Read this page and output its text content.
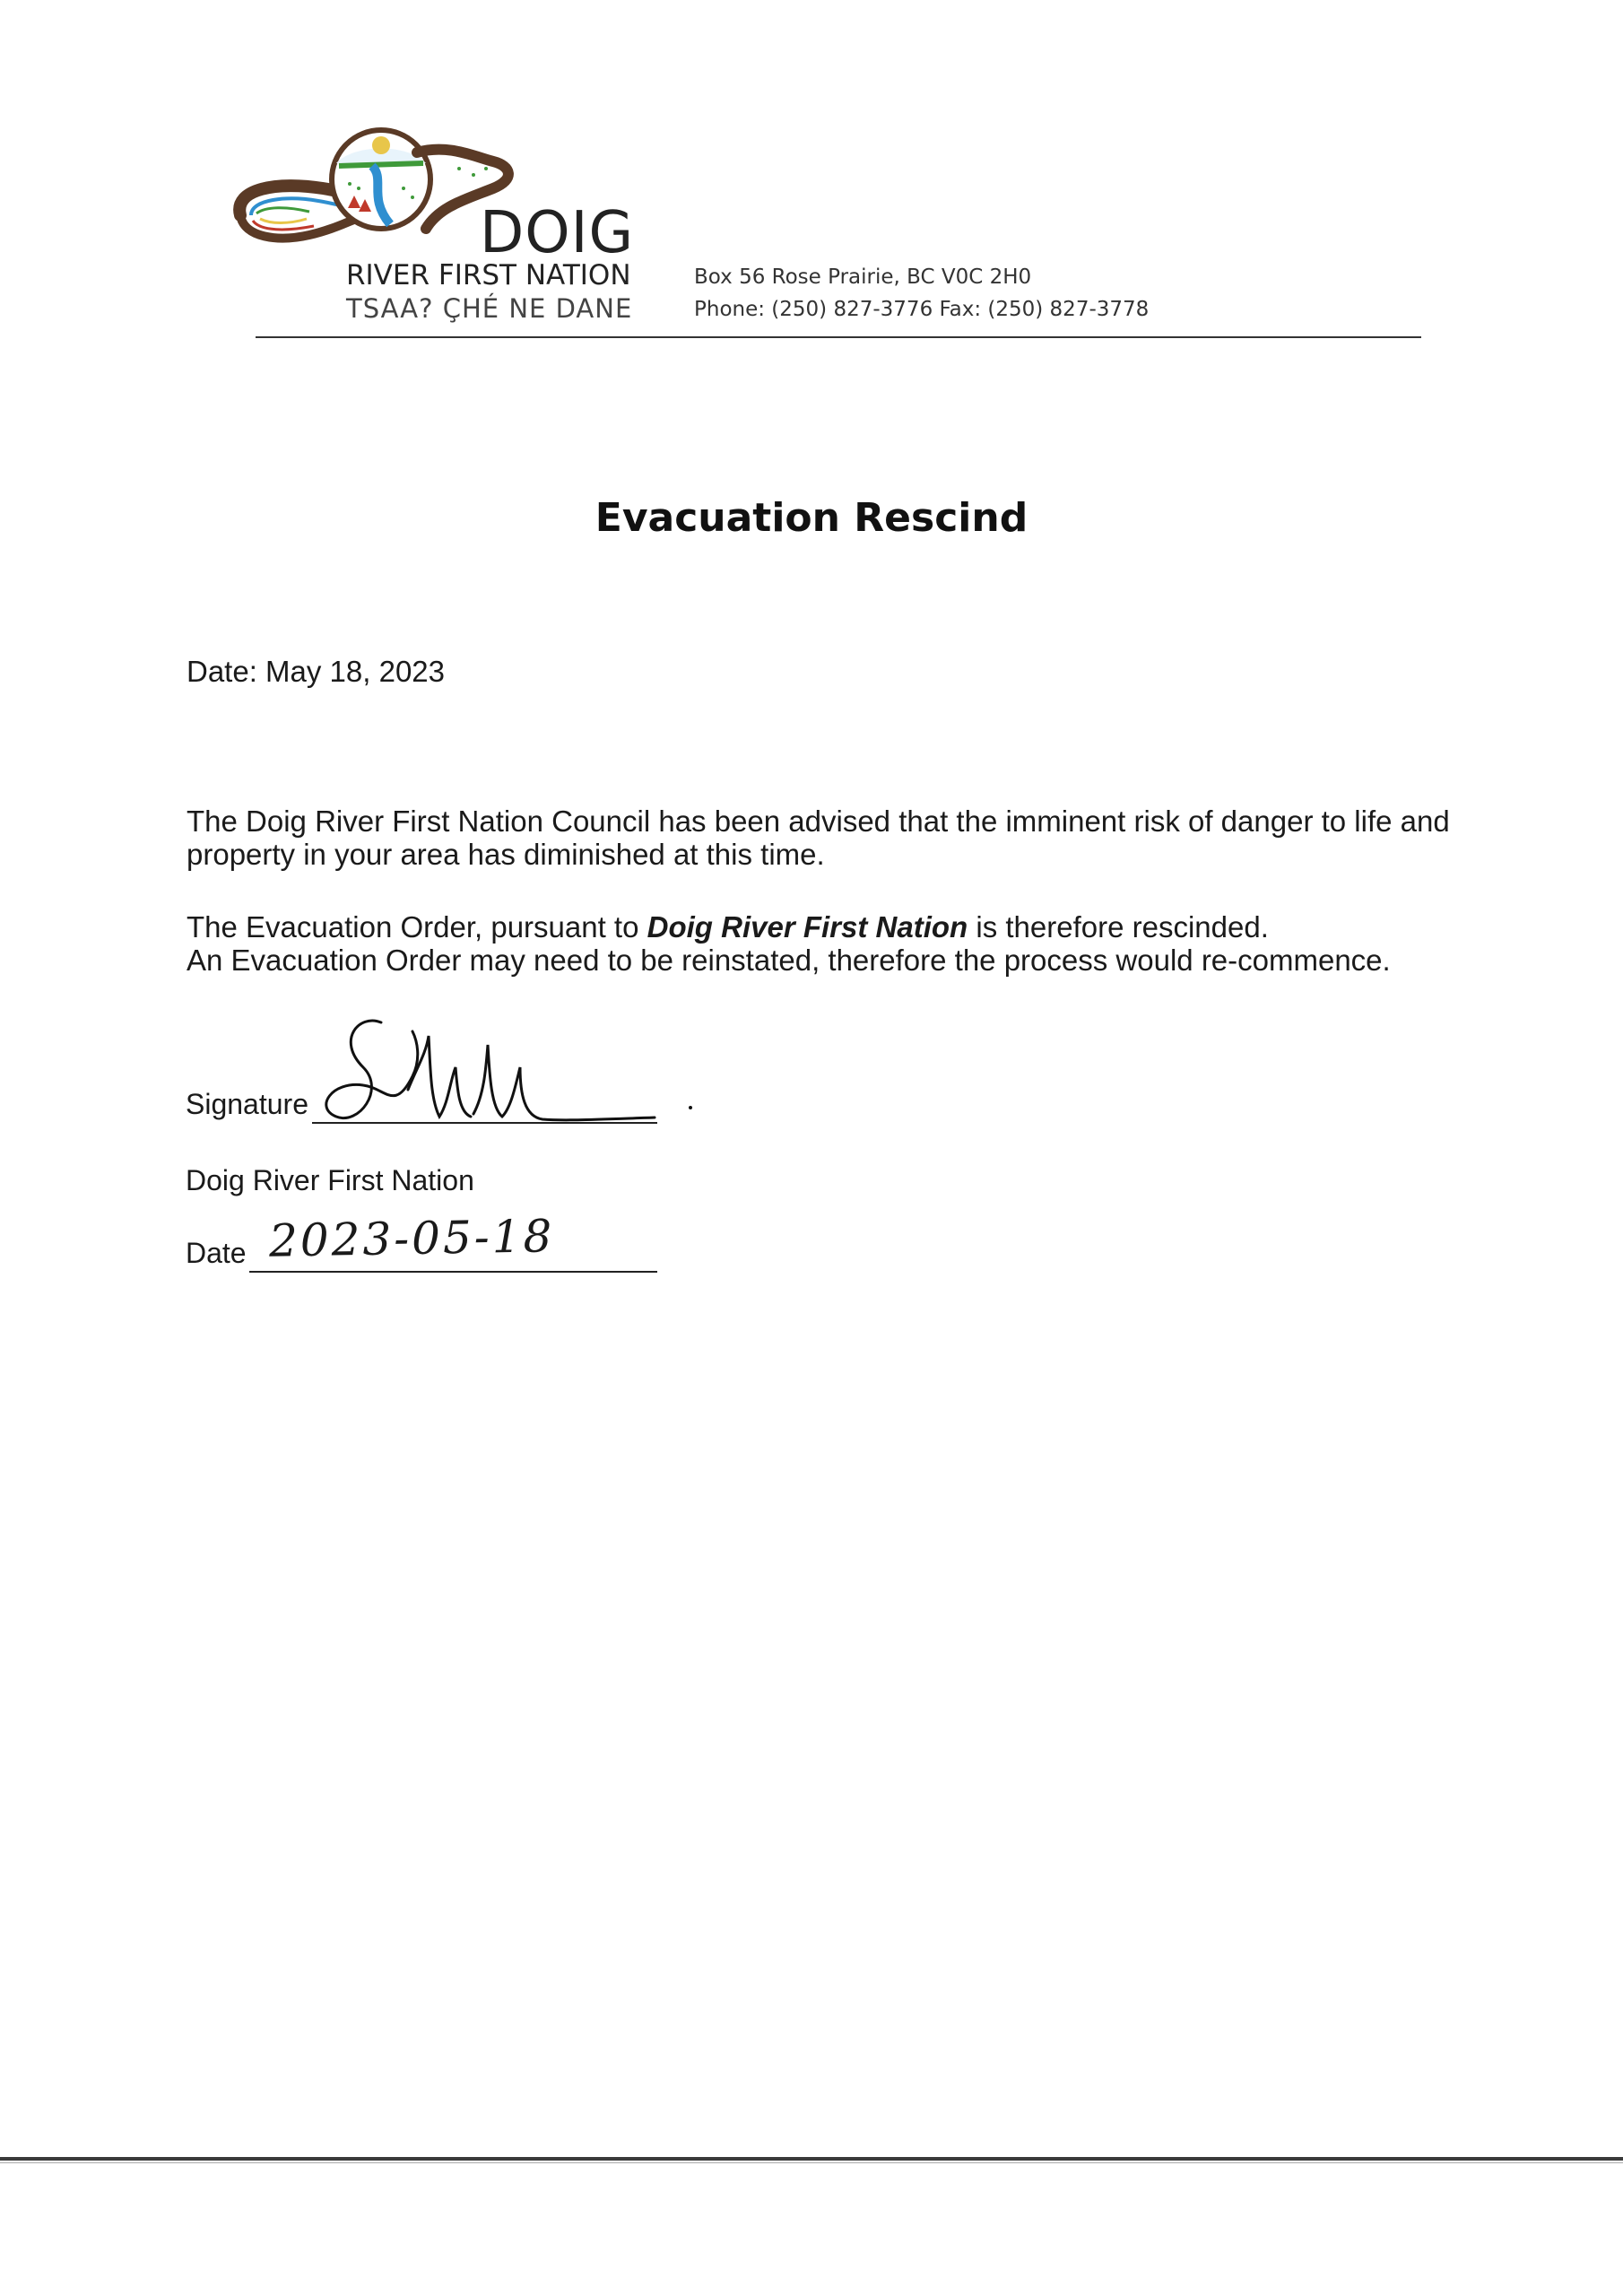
DOIG
RIVER FIRST NATION
TSAA? ÇHÉ NE DANE
Box 56 Rose Prairie, BC V0C 2H0
Phone: (250) 827-3776 Fax: (250) 827-3778
Evacuation Rescind
Date: May 18, 2023
The Doig River First Nation Council has been advised that the imminent risk of danger to life and
property in your area has diminished at this time.
The Evacuation Order, pursuant to Doig River First Nation is therefore rescinded.
An Evacuation Order may need to be reinstated, therefore the process would re-commence.
Signature
Doig River First Nation
Date 2023-05-18
